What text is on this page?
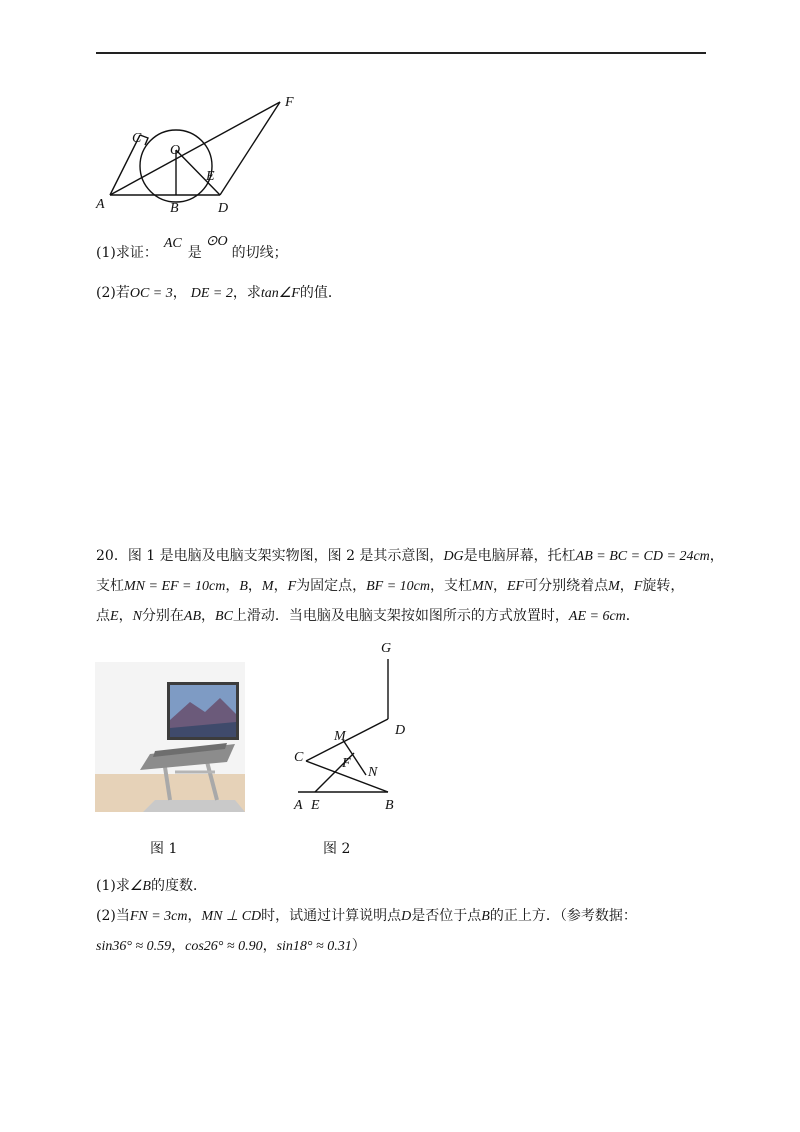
C
O
E
F
A	B	D
(1)求证：AC是⊙O的切线；
(2)若OC = 3， DE = 2，求tan∠F的值．
20．图 1 是电脑及电脑支架实物图，图 2 是其示意图，DG是电脑屏幕，托杠AB = BC = CD = 24cm，
支杠MN = EF = 10cm，B，M，F为固定点，BF = 10cm，支杠MN，EF可分别绕着点M，F旋转，
点E，N分别在AB，BC上滑动．当电脑及电脑支架按如图所示的方式放置时，AE = 6cm．
G
D
M
C	F
N
A E	B
图 1	图 2
(1)求∠B的度数．
(2)当FN = 3cm，MN ⊥ CD时，试通过计算说明点D是否位于点B的正上方．（参考数据：
sin36° ≈ 0.59，cos26° ≈ 0.90，sin18° ≈ 0.31）
